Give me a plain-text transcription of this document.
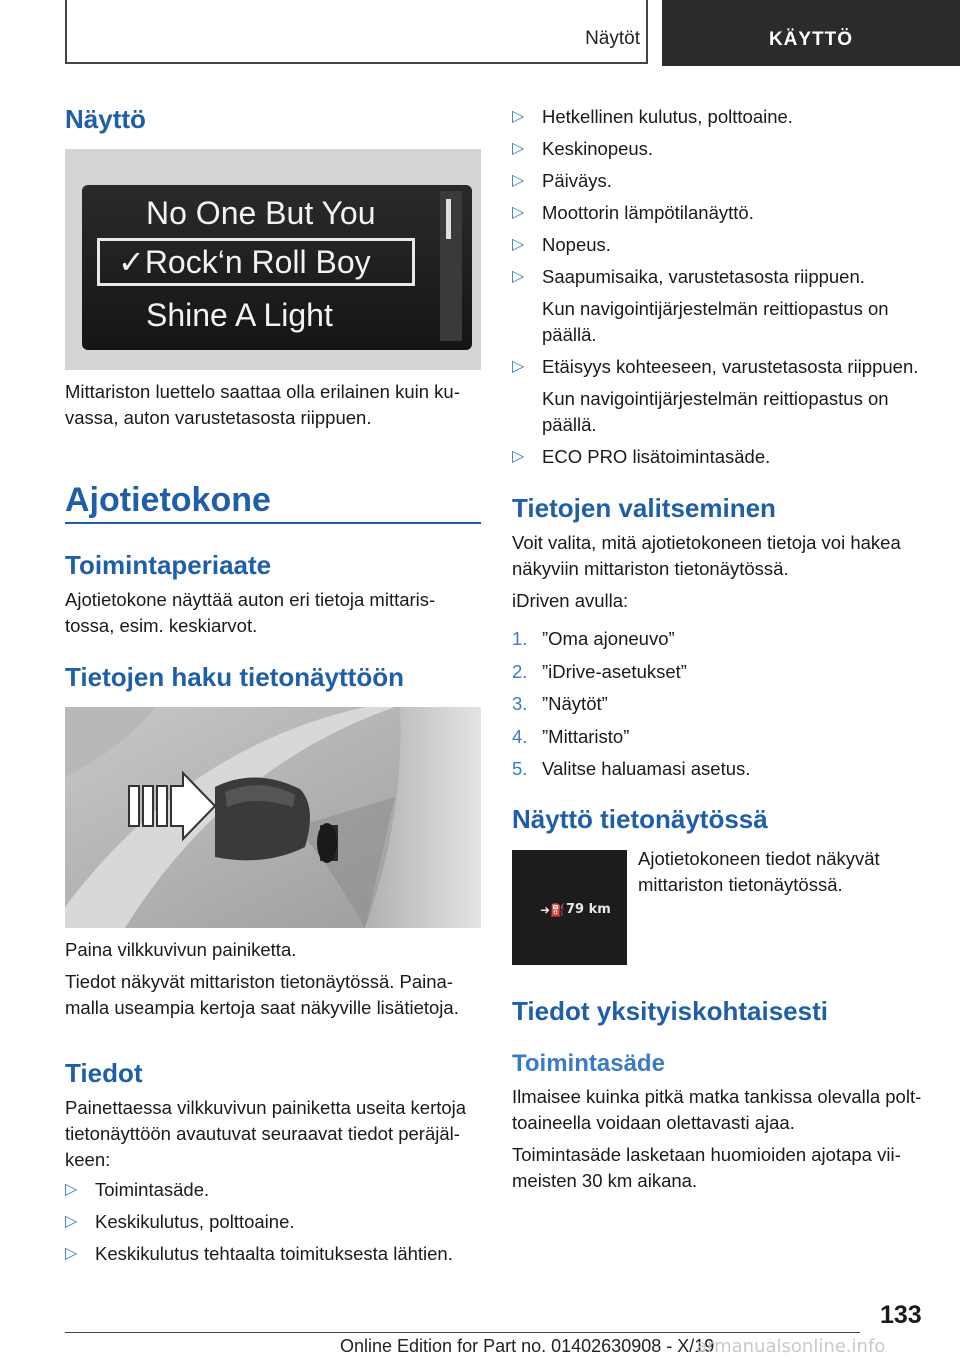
Näytöt	KÄYTTÖ
Näyttö
No One But You
✓Rock‘n Roll Boy
Shine A Light
Mittariston luettelo saattaa olla erilainen kuin ku-
vassa, auton varustetasosta riippuen.
Ajotietokone
Toimintaperiaate
Ajotietokone näyttää auton eri tietoja mittaris-
tossa, esim. keskiarvot.
Tietojen haku tietonäyttöön
Paina vilkkuvivun painiketta.
Tiedot näkyvät mittariston tietonäytössä. Paina-
malla useampia kertoja saat näkyville lisätietoja.
Tiedot
Painettaessa vilkkuvivun painiketta useita kertoja
tietonäyttöön avautuvat seuraavat tiedot peräjäl-
keen:
▷ Toimintasäde.
▷ Keskikulutus, polttoaine.
▷ Keskikulutus tehtaalta toimituksesta lähtien.
▷ Hetkellinen kulutus, polttoaine.
▷ Keskinopeus.
▷ Päiväys.
▷ Moottorin lämpötilanäyttö.
▷ Nopeus.
▷ Saapumisaika, varustetasosta riippuen.
Kun navigointijärjestelmän reittiopastus on
päällä.
▷ Etäisyys kohteeseen, varustetasosta riippuen.
Kun navigointijärjestelmän reittiopastus on
päällä.
▷ ECO PRO lisätoimintasäde.
Tietojen valitseminen
Voit valita, mitä ajotietokoneen tietoja voi hakea
näkyviin mittariston tietonäytössä.
iDriven avulla:
1. ”Oma ajoneuvo”
2. ”iDrive-asetukset”
3. ”Näytöt”
4. ”Mittaristo”
5. Valitse haluamasi asetus.
Näyttö tietonäytössä
➜⛽ 79 km
Ajotietokoneen tiedot näkyvät
mittariston tietonäytössä.
Tiedot yksityiskohtaisesti
Toimintasäde
Ilmaisee kuinka pitkä matka tankissa olevalla polt-
toaineella voidaan olettavasti ajaa.
Toimintasäde lasketaan huomioiden ajotapa vii-
meisten 30 km aikana.
133
Online Edition for Part no. 01402630908 - X/19
armanualsonline.info
